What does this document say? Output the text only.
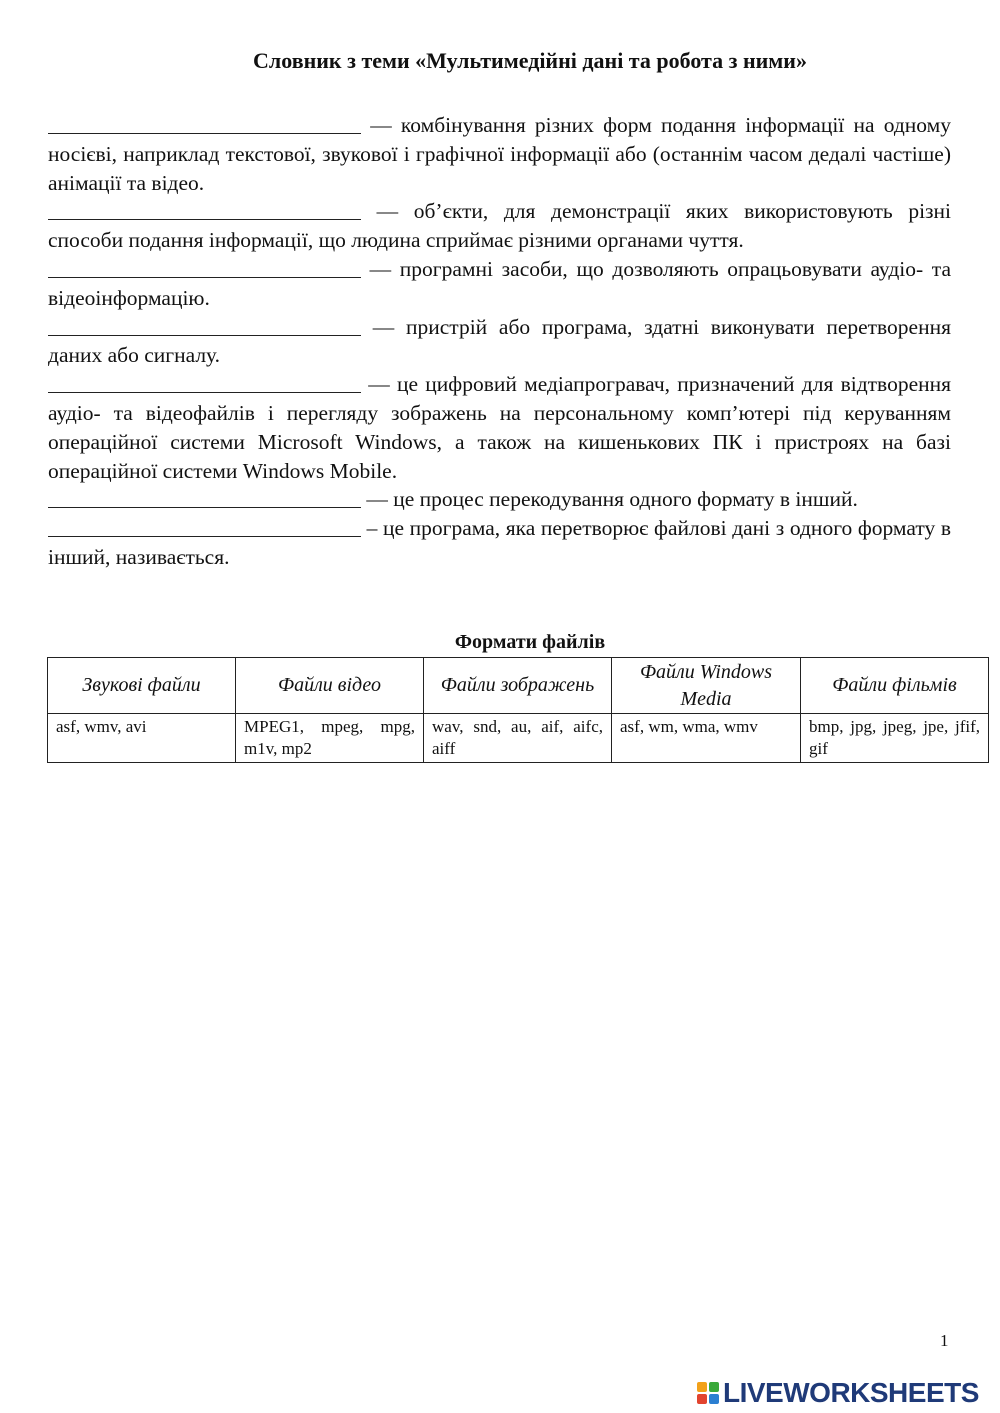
Словник з теми «Мультимедійні дані та робота з ними»

— комбінування різних форм подання інформації на одному носієві, наприклад текстової, звукової і графічної інформації або (останнім часом дедалі частіше) анімації та відео.

— об’єкти, для демонстрації яких використовують різні способи подання інформації, що людина сприймає різними органами чуття.

— програмні засоби, що дозволяють опрацьовувати аудіо- та відеоінформацію.

— пристрій або програма, здатні виконувати перетворення даних або сигналу.

— це цифровий медіапрогравач, призначений для відтворення аудіо- та відеофайлів і перегляду зображень на персональному комп’ютері під керуванням операційної системи Microsoft Windows, а також на кишенькових ПК і пристроях на базі операційної системи Windows Mobile.

— це процес перекодування одного формату в інший.

– це програма, яка перетворює файлові дані з одного формату в інший, називається.

Формати файлів
Звукові файли	Файли відео	Файли зображень	Файли Windows Media	Файли фільмів
asf, wmv, avi	MPEG1, mpeg, mpg, m1v, mp2	wav, snd, au, aif, aifc, aiff	asf, wm, wma, wmv	bmp, jpg, jpeg, jpe, jfif, gif
1
LIVEWORKSHEETS
